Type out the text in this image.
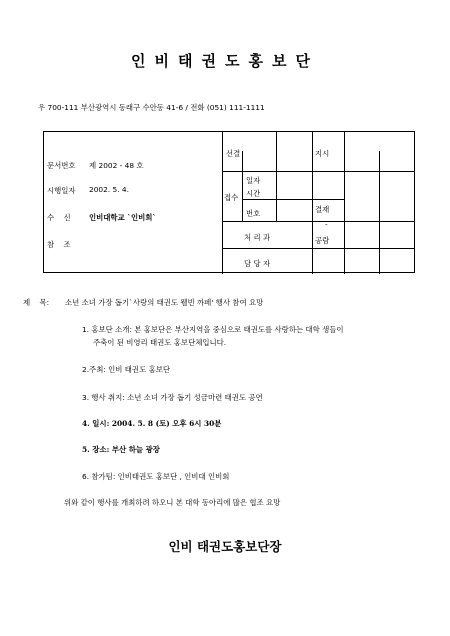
인비태권도홍보단
우 700-111 부산광역시 동래구 수안동 41-6 / 전화 (051) 111-1111
문서번호 제 2002 - 48 호
시행일자 2002. 5. 4.
수    신 인비대학교 `인비회`
참    조
선결	지시
접수
일자
시간
번호	결재
-
공람
처 리 과
담 당 자
제    목: 소년 소녀 가장 돕기`사랑의 태권도 웰빈 까페' 행사 참여 요망
1. 홍보단 소개: 본 홍보단은 부산지역을 중심으로 태권도를 사랑하는 대학 생들이
주축이 된 비영리 태권도 홍보단체입니다.
2.주최: 인비 태권도 홍보단
3. 행사 취지: 소년 소녀 가장 돕기 성금마련 태권도 공연
4. 일시: 2004. 5. 8 (토) 오후 6시 30분
5. 장소: 부산 하늘 광장
6. 참가팀: 인비태권도 홍보단 , 인비대 인비회
위와 같이 행사를 개최하려 하오니 본 대학 동아리에 많은 협조 요망
인비 태권도홍보단장
